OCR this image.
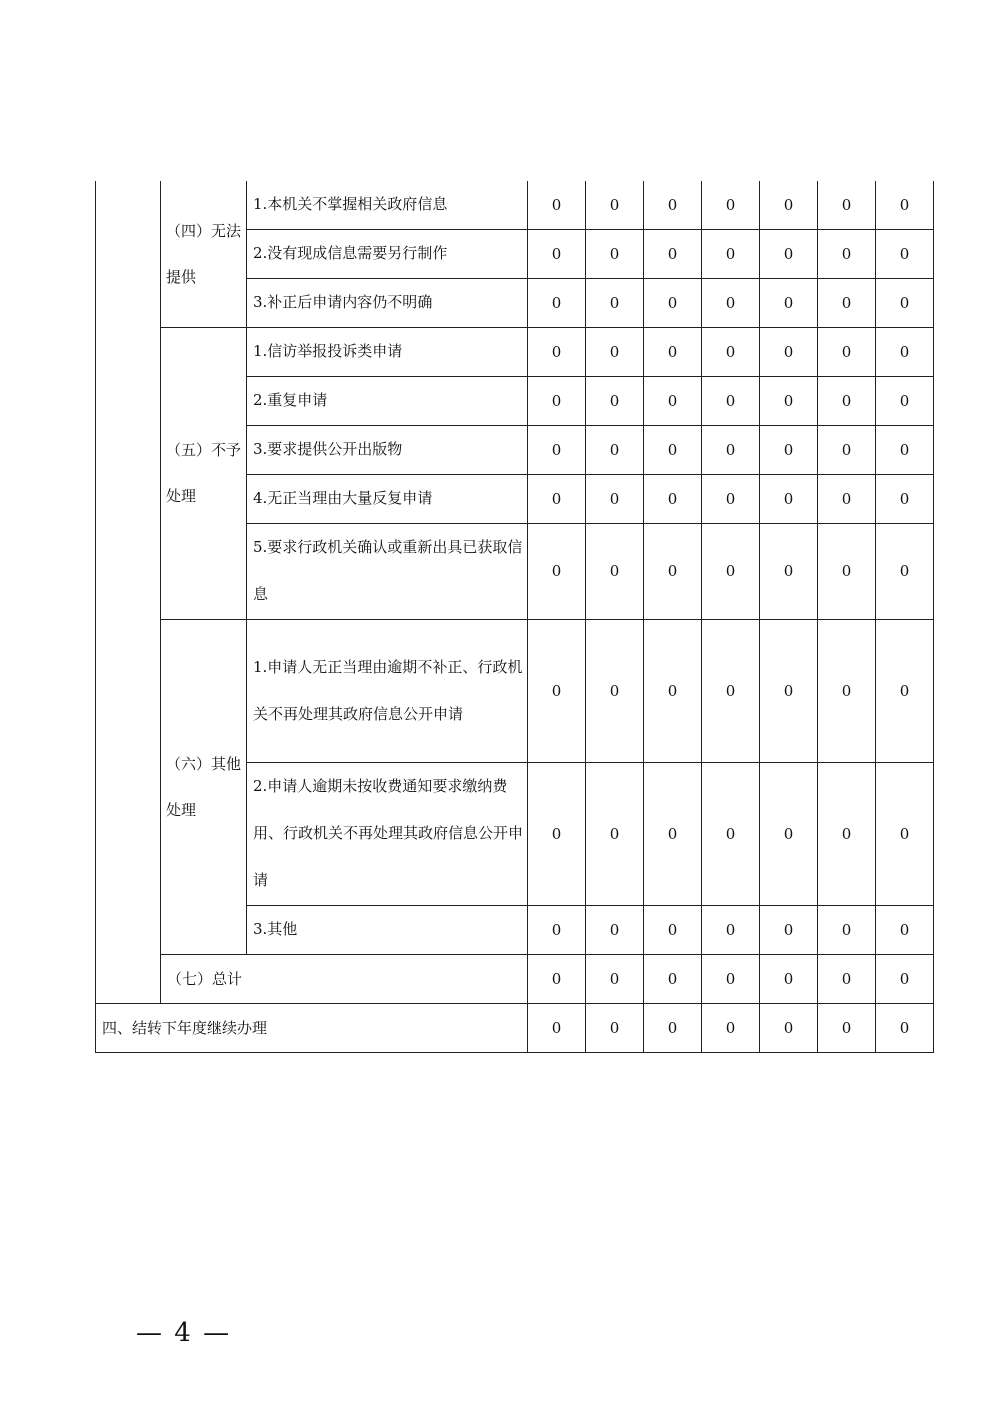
	（四）无法提供	1.本机关不掌握相关政府信息	0	0	0	0	0	0	0
		2.没有现成信息需要另行制作	0	0	0	0	0	0	0
		3.补正后申请内容仍不明确	0	0	0	0	0	0	0
	（五）不予处理	1.信访举报投诉类申请	0	0	0	0	0	0	0
		2.重复申请	0	0	0	0	0	0	0
		3.要求提供公开出版物	0	0	0	0	0	0	0
		4.无正当理由大量反复申请	0	0	0	0	0	0	0
		5.要求行政机关确认或重新出具已获取信息	0	0	0	0	0	0	0
	（六）其他处理	1.申请人无正当理由逾期不补正、行政机关不再处理其政府信息公开申请	0	0	0	0	0	0	0
		2.申请人逾期未按收费通知要求缴纳费用、行政机关不再处理其政府信息公开申请	0	0	0	0	0	0	0
		3.其他	0	0	0	0	0	0	0
	（七）总计		0	0	0	0	0	0	0
四、结转下年度继续办理			0	0	0	0	0	0	0
— 4 —
